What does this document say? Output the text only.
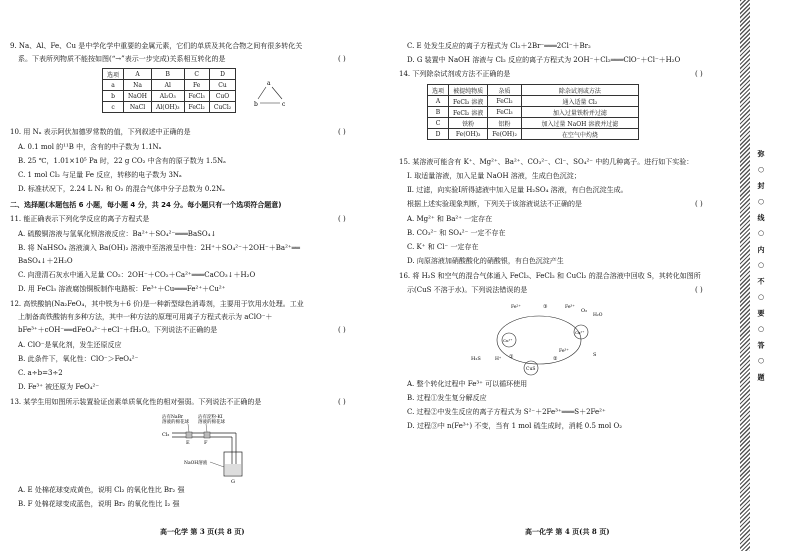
9. Na、Al、Fe、Cu 是中学化学中重要的金属元素，它们的单质及其化合物之间有很多转化关
系。下表所列物质不能按如图(“→”表示一步完成)关系相互转化的是	( )
选项	A	B	C	D
a	Na	Al	Fe	Cu
b	NaOH	Al₂O₃	FeCl₃	CuO
c	NaCl	Al(OH)₃	FeCl₂	CuCl₂
a
b	c
10. 用 Nₐ 表示阿伏加德罗常数的值，下列叙述中正确的是	( )
A. 0.1 mol 的¹¹B 中，含有的中子数为 1.1Nₐ
B. 25 ℃，1.01×10⁵ Pa 时，22 g CO₂ 中含有的原子数为 1.5Nₐ
C. 1 mol Cl₂ 与足量 Fe 反应，转移的电子数为 3Nₐ
D. 标准状况下，2.24 L N₂ 和 O₂ 的混合气体中分子总数为 0.2Nₐ
二、选择题(本题包括 6 小题，每小题 4 分，共 24 分。每小题只有一个选项符合题意)
11. 能正确表示下列化学反应的离子方程式是	( )
A. 硫酸铜溶液与氢氧化钡溶液反应：Ba²⁺＋SO₄²⁻═══BaSO₄↓
B. 将 NaHSO₄ 溶液滴入 Ba(OH)₂ 溶液中至溶液呈中性：2H⁺＋SO₄²⁻＋2OH⁻＋Ba²⁺══
BaSO₄↓＋2H₂O
C. 向澄清石灰水中通入足量 CO₂：2OH⁻＋CO₂＋Ca²⁺═══CaCO₃↓＋H₂O
D. 用 FeCl₃ 溶液腐蚀铜板制作电路板：Fe³⁺＋Cu═══Fe²⁺＋Cu²⁺
12. 高铁酸钠(Na₂FeO₄，其中铁为＋6 价)是一种新型绿色消毒剂，主要用于饮用水处理。工业
上制备高铁酸钠有多种方法，其中一种方法的原理可用离子方程式表示为 aClO⁻＋
bFe³⁺＋cOH⁻══dFeO₄²⁻＋eCl⁻＋fH₂O。下列说法不正确的是	( )
A. ClO⁻是氧化剂，发生还原反应
B. 此条件下，氧化性：ClO⁻＞FeO₄²⁻
C. a÷b=3÷2
D. Fe³⁺ 被还原为 FeO₄²⁻
13. 某学生用如图所示装置验证卤素单质氧化性的相对强弱。下列说法不正确的是	( )
沾有NaBr
溶液的棉花球
沾有淀粉-KI
溶液的棉花球
Cl₂
E	F
NaOH溶液
G
A. E 处棉花球变成黄色，说明 Cl₂ 的氧化性比 Br₂ 强
B. F 处棉花球变成蓝色，说明 Br₂ 的氧化性比 I₂ 强
高一化学 第 3 页(共 8 页)
C. E 处发生反应的离子方程式为 Cl₂＋2Br⁻═══2Cl⁻＋Br₂
D. G 装置中 NaOH 溶液与 Cl₂ 反应的离子方程式为 2OH⁻＋Cl₂═══ClO⁻＋Cl⁻＋H₂O
14. 下列除杂试剂或方法不正确的是	( )
选项	被提纯物质	杂质	除杂试剂或方法
A	FeCl₃ 溶液	FeCl₂	通入适量 Cl₂
B	FeCl₂ 溶液	FeCl₃	加入过量铁粉并过滤
C	铁粉	铝粉	加入过量 NaOH 溶液并过滤
D	Fe(OH)₃	Fe(OH)₂	在空气中灼烧
15. 某溶液可能含有 K⁺、Mg²⁺、Ba²⁺、CO₃²⁻、Cl⁻、SO₄²⁻ 中的几种离子。进行如下实验：
Ⅰ. 取适量溶液，加入足量 NaOH 溶液，生成白色沉淀；
Ⅱ. 过滤，向实验Ⅰ所得滤液中加入足量 H₂SO₄ 溶液，有白色沉淀生成。
根据上述实验现象判断，下列关于该溶液说法不正确的是	( )
A. Mg²⁺ 和 Ba²⁺ 一定存在
B. CO₃²⁻ 和 SO₄²⁻ 一定不存在
C. K⁺ 和 Cl⁻ 一定存在
D. 向原溶液加硝酸酸化的硝酸银，有白色沉淀产生
16. 将 H₂S 和空气的混合气体通入 FeCl₃、FeCl₂ 和 CuCl₂ 的混合溶液中回收 S，其转化如图所
示(CuS 不溶于水)。下列说法错误的是	( )
O₂
③
Fe²⁺	Fe³⁺
Cu²⁺
Cu²⁺
H₂S	H⁺
CuS
①	②
Fe³⁺
S
H₂O
A. 整个转化过程中 Fe³⁺ 可以循环使用
B. 过程①发生复分解反应
C. 过程②中发生反应的离子方程式为 S²⁻＋2Fe³⁺═══S＋2Fe²⁺
D. 过程③中 n(Fe³⁺) 不变，当有 1 mol 硫生成时，消耗 0.5 mol O₂
高一化学 第 4 页(共 8 页)
弥 ○ 封 ○ 线 ○ 内 ○ 不 ○ 要 ○ 答 ○ 题
